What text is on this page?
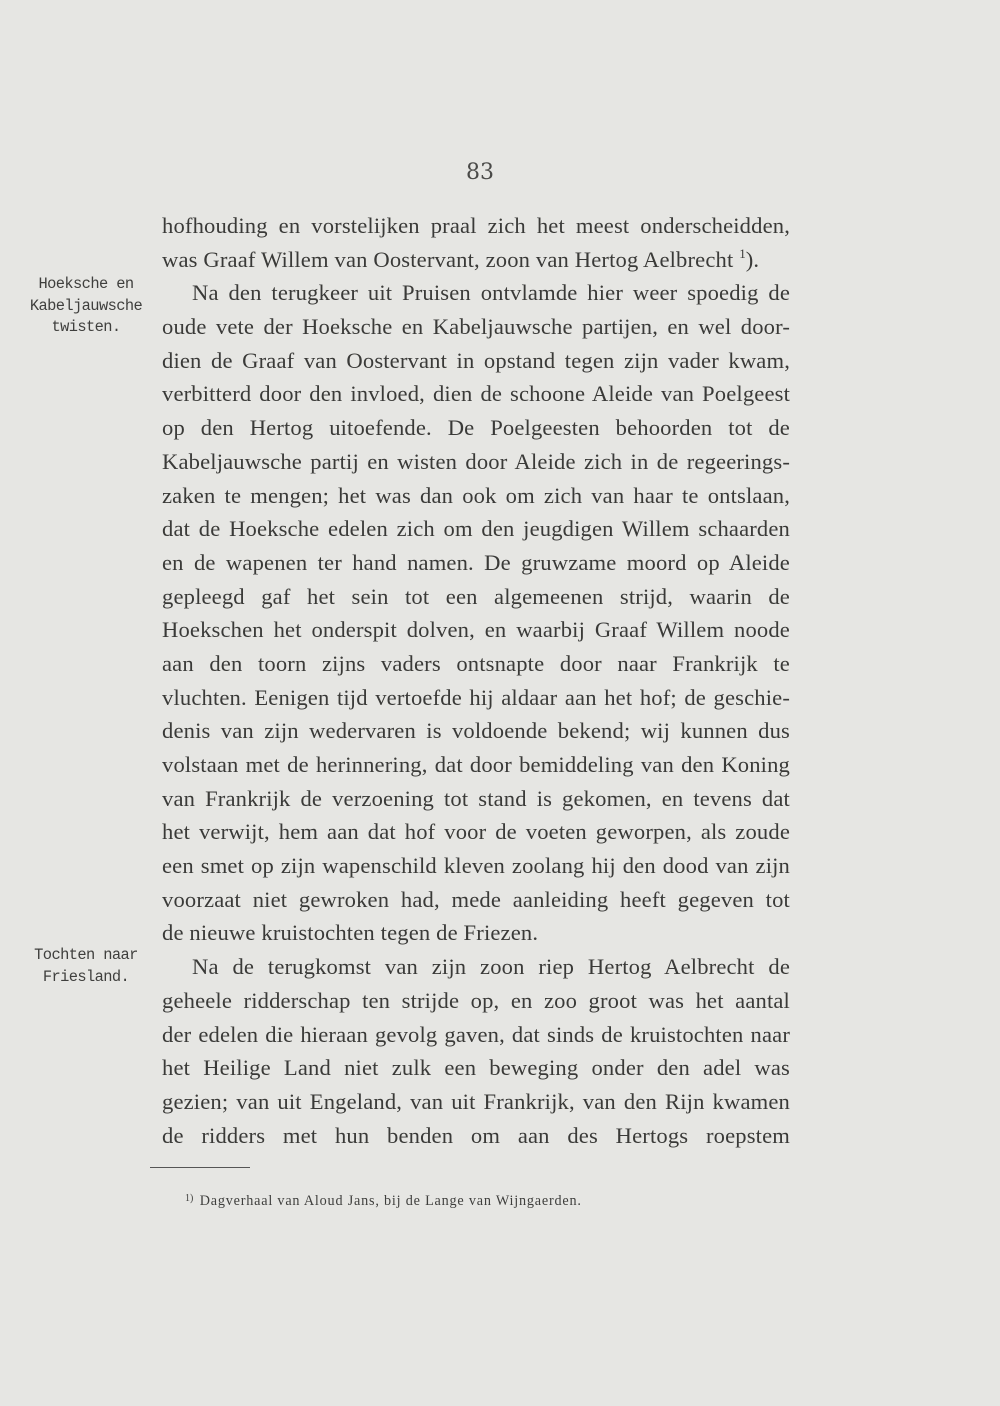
83
Hoeksche en
Kabeljauwsche
twisten.
Tochten naar
Friesland.
hofhouding en vorstelijken praal zich het meest onderscheidden,
was Graaf Willem van Oostervant, zoon van Hertog Aelbrecht $^1$).
Na den terugkeer uit Pruisen ontvlamde hier weer spoedig de
oude vete der Hoeksche en Kabeljauwsche partijen, en wel door-
dien de Graaf van Oostervant in opstand tegen zijn vader kwam,
verbitterd door den invloed, dien de schoone Aleide van Poelgeest
op den Hertog uitoefende. De Poelgeesten behoorden tot de
Kabeljauwsche partij en wisten door Aleide zich in de regeerings-
zaken te mengen; het was dan ook om zich van haar te ontslaan,
dat de Hoeksche edelen zich om den jeugdigen Willem schaarden
en de wapenen ter hand namen. De gruwzame moord op Aleide
gepleegd gaf het sein tot een algemeenen strijd, waarin de
Hoekschen het onderspit dolven, en waarbij Graaf Willem noode
aan den toorn zijns vaders ontsnapte door naar Frankrijk te
vluchten. Eenigen tijd vertoefde hij aldaar aan het hof; de geschie-
denis van zijn wedervaren is voldoende bekend; wij kunnen dus
volstaan met de herinnering, dat door bemiddeling van den Koning
van Frankrijk de verzoening tot stand is gekomen, en tevens dat
het verwijt, hem aan dat hof voor de voeten geworpen, als zoude
een smet op zijn wapenschild kleven zoolang hij den dood van zijn
voorzaat niet gewroken had, mede aanleiding heeft gegeven tot
de nieuwe kruistochten tegen de Friezen.
Na de terugkomst van zijn zoon riep Hertog Aelbrecht de
geheele ridderschap ten strijde op, en zoo groot was het aantal
der edelen die hieraan gevolg gaven, dat sinds de kruistochten naar
het Heilige Land niet zulk een beweging onder den adel was
gezien; van uit Engeland, van uit Frankrijk, van den Rijn kwamen
de ridders met hun benden om aan des Hertogs roepstem
$^{1)}$ Dagverhaal van Aloud Jans, bij de Lange van Wijngaerden.
